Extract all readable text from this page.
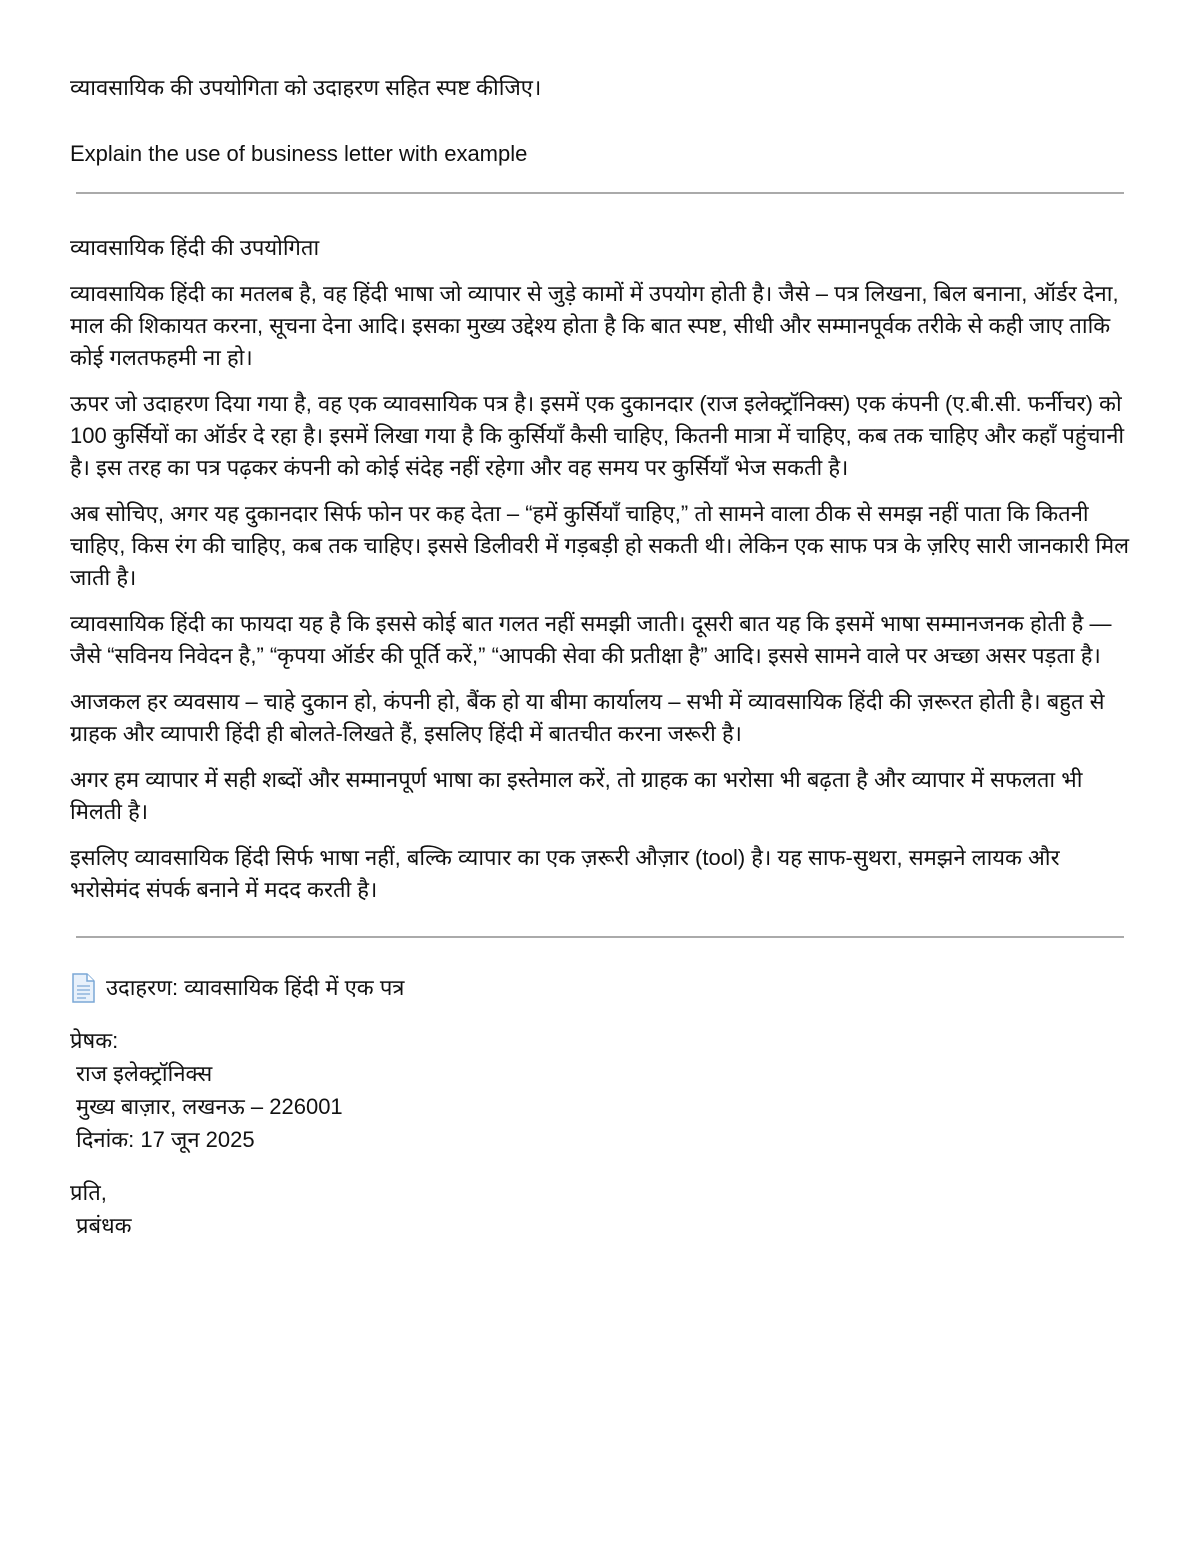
व्यावसायिक की उपयोगिता को उदाहरण सहित स्पष्ट कीजिए।

Explain the use of business letter with example

व्यावसायिक हिंदी की उपयोगिता

व्यावसायिक हिंदी का मतलब है, वह हिंदी भाषा जो व्यापार से जुड़े कामों में उपयोग होती है। जैसे – पत्र लिखना, बिल बनाना, ऑर्डर देना, माल की शिकायत करना, सूचना देना आदि। इसका मुख्य उद्देश्य होता है कि बात स्पष्ट, सीधी और सम्मानपूर्वक तरीके से कही जाए ताकि कोई गलतफहमी ना हो।

ऊपर जो उदाहरण दिया गया है, वह एक व्यावसायिक पत्र है। इसमें एक दुकानदार (राज इलेक्ट्रॉनिक्स) एक कंपनी (ए.बी.सी. फर्नीचर) को 100 कुर्सियों का ऑर्डर दे रहा है। इसमें लिखा गया है कि कुर्सियाँ कैसी चाहिए, कितनी मात्रा में चाहिए, कब तक चाहिए और कहाँ पहुंचानी है। इस तरह का पत्र पढ़कर कंपनी को कोई संदेह नहीं रहेगा और वह समय पर कुर्सियाँ भेज सकती है।

अब सोचिए, अगर यह दुकानदार सिर्फ फोन पर कह देता – “हमें कुर्सियाँ चाहिए,” तो सामने वाला ठीक से समझ नहीं पाता कि कितनी चाहिए, किस रंग की चाहिए, कब तक चाहिए। इससे डिलीवरी में गड़बड़ी हो सकती थी। लेकिन एक साफ पत्र के ज़रिए सारी जानकारी मिल जाती है।

व्यावसायिक हिंदी का फायदा यह है कि इससे कोई बात गलत नहीं समझी जाती। दूसरी बात यह कि इसमें भाषा सम्मानजनक होती है — जैसे “सविनय निवेदन है,” “कृपया ऑर्डर की पूर्ति करें,” “आपकी सेवा की प्रतीक्षा है” आदि। इससे सामने वाले पर अच्छा असर पड़ता है।

आजकल हर व्यवसाय – चाहे दुकान हो, कंपनी हो, बैंक हो या बीमा कार्यालय – सभी में व्यावसायिक हिंदी की ज़रूरत होती है। बहुत से ग्राहक और व्यापारी हिंदी ही बोलते-लिखते हैं, इसलिए हिंदी में बातचीत करना जरूरी है।

अगर हम व्यापार में सही शब्दों और सम्मानपूर्ण भाषा का इस्तेमाल करें, तो ग्राहक का भरोसा भी बढ़ता है और व्यापार में सफलता भी मिलती है।

इसलिए व्यावसायिक हिंदी सिर्फ भाषा नहीं, बल्कि व्यापार का एक ज़रूरी औज़ार (tool) है। यह साफ-सुथरा, समझने लायक और भरोसेमंद संपर्क बनाने में मदद करती है।

उदाहरण: व्यावसायिक हिंदी में एक पत्र

प्रेषक:

राज इलेक्ट्रॉनिक्स

मुख्य बाज़ार, लखनऊ – 226001

दिनांक: 17 जून 2025

प्रति,

प्रबंधक
